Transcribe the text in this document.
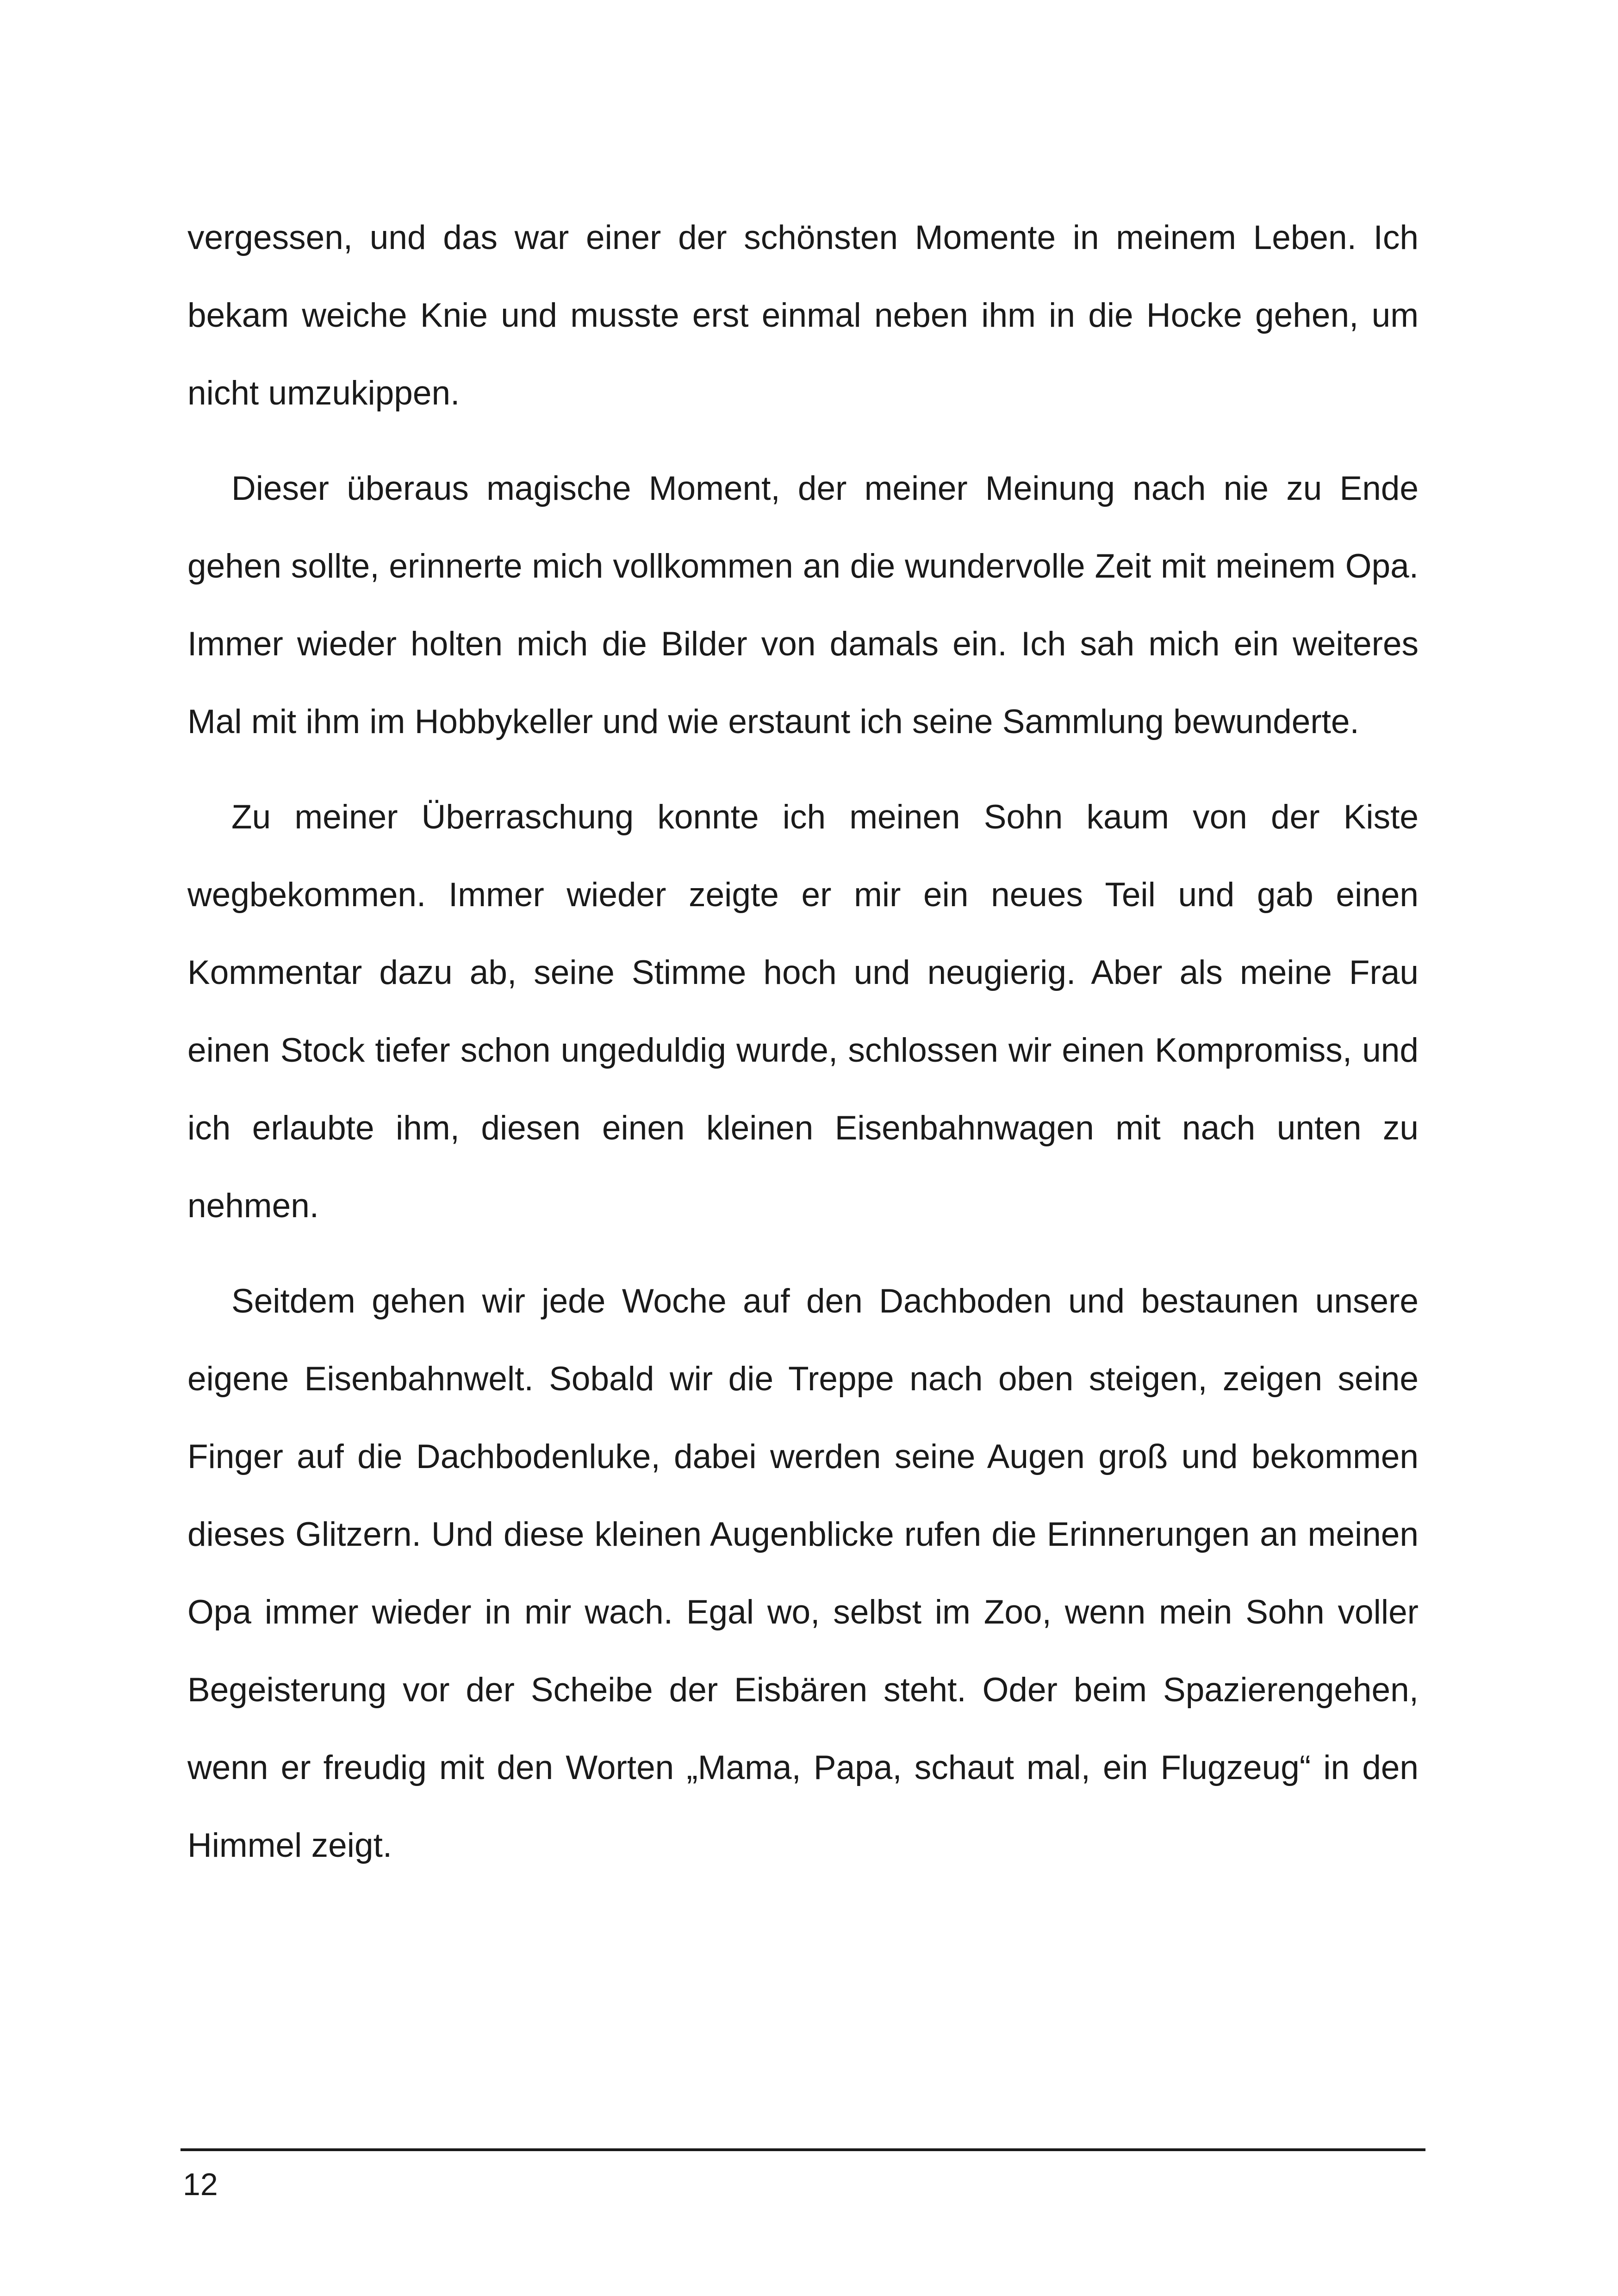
vergessen, und das war einer der schönsten Momente in meinem Leben. Ich bekam weiche Knie und musste erst einmal neben ihm in die Hocke gehen, um nicht umzukippen.

Dieser überaus magische Moment, der meiner Meinung nach nie zu Ende gehen sollte, erinnerte mich vollkommen an die wundervolle Zeit mit meinem Opa. Immer wieder holten mich die Bilder von damals ein. Ich sah mich ein weiteres Mal mit ihm im Hobbykeller und wie erstaunt ich seine Sammlung bewunderte.

Zu meiner Überraschung konnte ich meinen Sohn kaum von der Kiste wegbekommen. Immer wieder zeigte er mir ein neues Teil und gab einen Kommentar dazu ab, seine Stimme hoch und neugierig. Aber als meine Frau einen Stock tiefer schon ungeduldig wurde, schlossen wir einen Kompromiss, und ich erlaubte ihm, diesen einen kleinen Eisenbahnwagen mit nach unten zu nehmen.

Seitdem gehen wir jede Woche auf den Dachboden und bestaunen unsere eigene Eisenbahnwelt. Sobald wir die Treppe nach oben steigen, zeigen seine Finger auf die Dachbodenluke, dabei werden seine Augen groß und bekommen dieses Glitzern. Und diese kleinen Augenblicke rufen die Erinnerungen an meinen Opa immer wieder in mir wach. Egal wo, selbst im Zoo, wenn mein Sohn voller Begeisterung vor der Scheibe der Eisbären steht. Oder beim Spazierengehen, wenn er freudig mit den Worten „Mama, Papa, schaut mal, ein Flugzeug“ in den Himmel zeigt.

12
